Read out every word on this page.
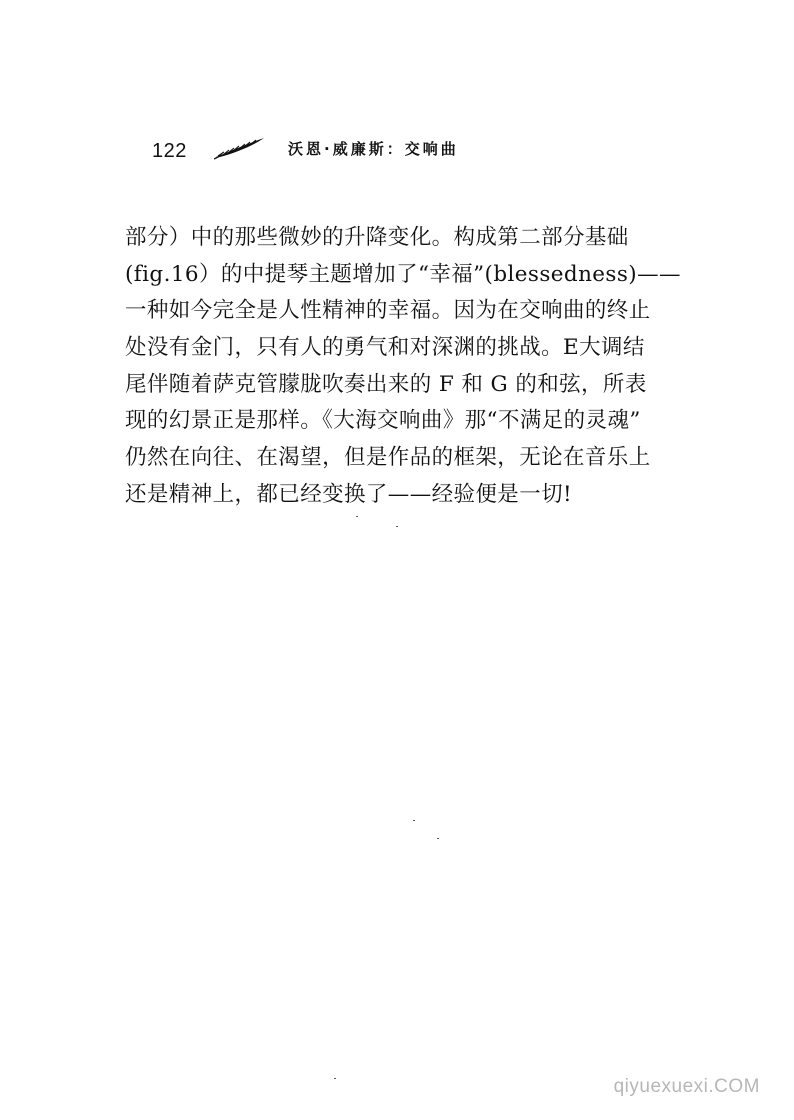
122	沃恩·威廉斯：交响曲
部分）中的那些微妙的升降变化。构成第二部分基础
(fig.16）的中提琴主题增加了“幸福”(blessedness)——
一种如今完全是人性精神的幸福。因为在交响曲的终止
处没有金门，只有人的勇气和对深渊的挑战。E大调结
尾伴随着萨克管朦胧吹奏出来的 F 和 G 的和弦，所表
现的幻景正是那样。《大海交响曲》那“不满足的灵魂”
仍然在向往、在渴望，但是作品的框架，无论在音乐上
还是精神上，都已经变换了——经验便是一切!
qiyuexuexi.COM
